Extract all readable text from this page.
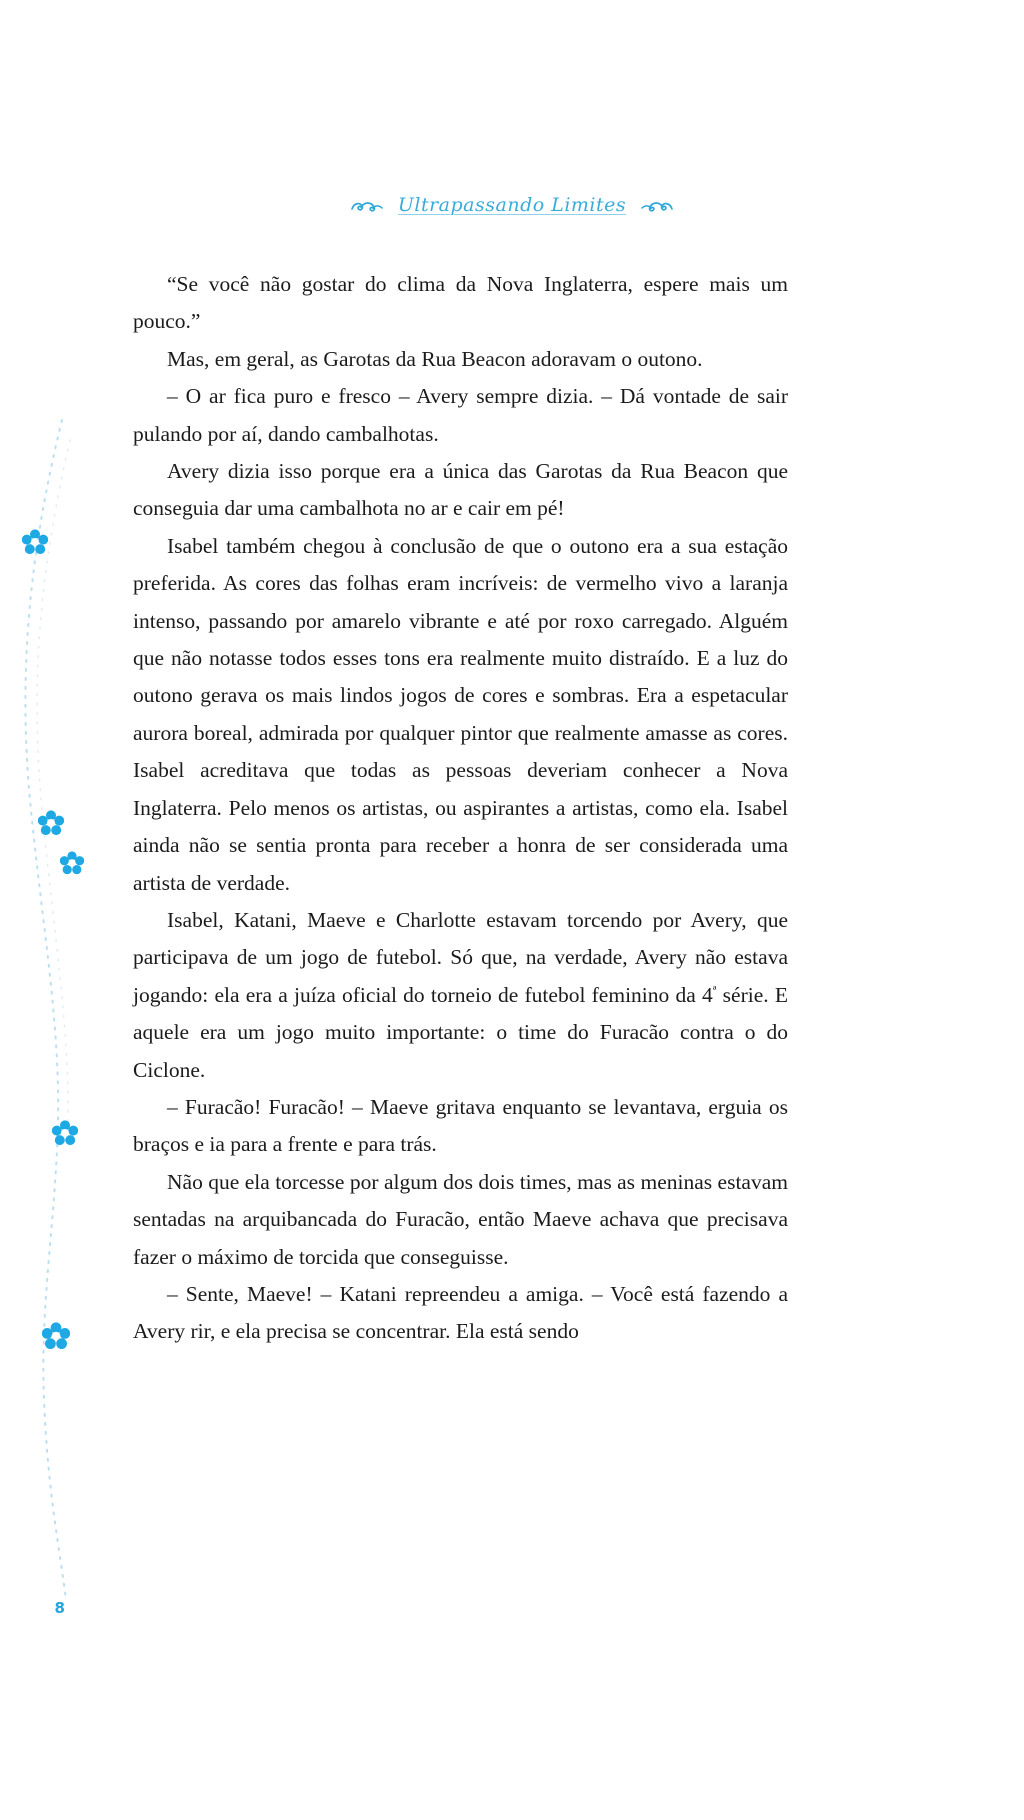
Ultrapassando Limites

“Se você não gostar do clima da Nova Inglaterra, espere mais um pouco.”

Mas, em geral, as Garotas da Rua Beacon adoravam o outono.

– O ar fica puro e fresco – Avery sempre dizia. – Dá vontade de sair pulando por aí, dando cambalhotas.

Avery dizia isso porque era a única das Garotas da Rua Beacon que conseguia dar uma cambalhota no ar e cair em pé!

Isabel também chegou à conclusão de que o outono era a sua estação preferida. As cores das folhas eram incríveis: de vermelho vivo a laranja intenso, passando por amarelo vibrante e até por roxo carregado. Alguém que não notasse todos esses tons era realmente muito distraído. E a luz do outono gerava os mais lindos jogos de cores e sombras. Era a espetacular aurora boreal, admirada por qualquer pintor que realmente amasse as cores. Isabel acreditava que todas as pessoas deveriam conhecer a Nova Inglaterra. Pelo menos os artistas, ou aspirantes a artistas, como ela. Isabel ainda não se sentia pronta para receber a honra de ser considerada uma artista de verdade.

Isabel, Katani, Maeve e Charlotte estavam torcendo por Avery, que participava de um jogo de futebol. Só que, na verdade, Avery não estava jogando: ela era a juíza oficial do torneio de futebol feminino da $4^ª$ série. E aquele era um jogo muito importante: o time do Furacão contra o do Ciclone.

– Furacão! Furacão! – Maeve gritava enquanto se levantava, erguia os braços e ia para a frente e para trás.

Não que ela torcesse por algum dos dois times, mas as meninas estavam sentadas na arquibancada do Furacão, então Maeve achava que precisava fazer o máximo de torcida que conseguisse.

– Sente, Maeve! – Katani repreendeu a amiga. – Você está fazendo a Avery rir, e ela precisa se concentrar. Ela está sendo

8
